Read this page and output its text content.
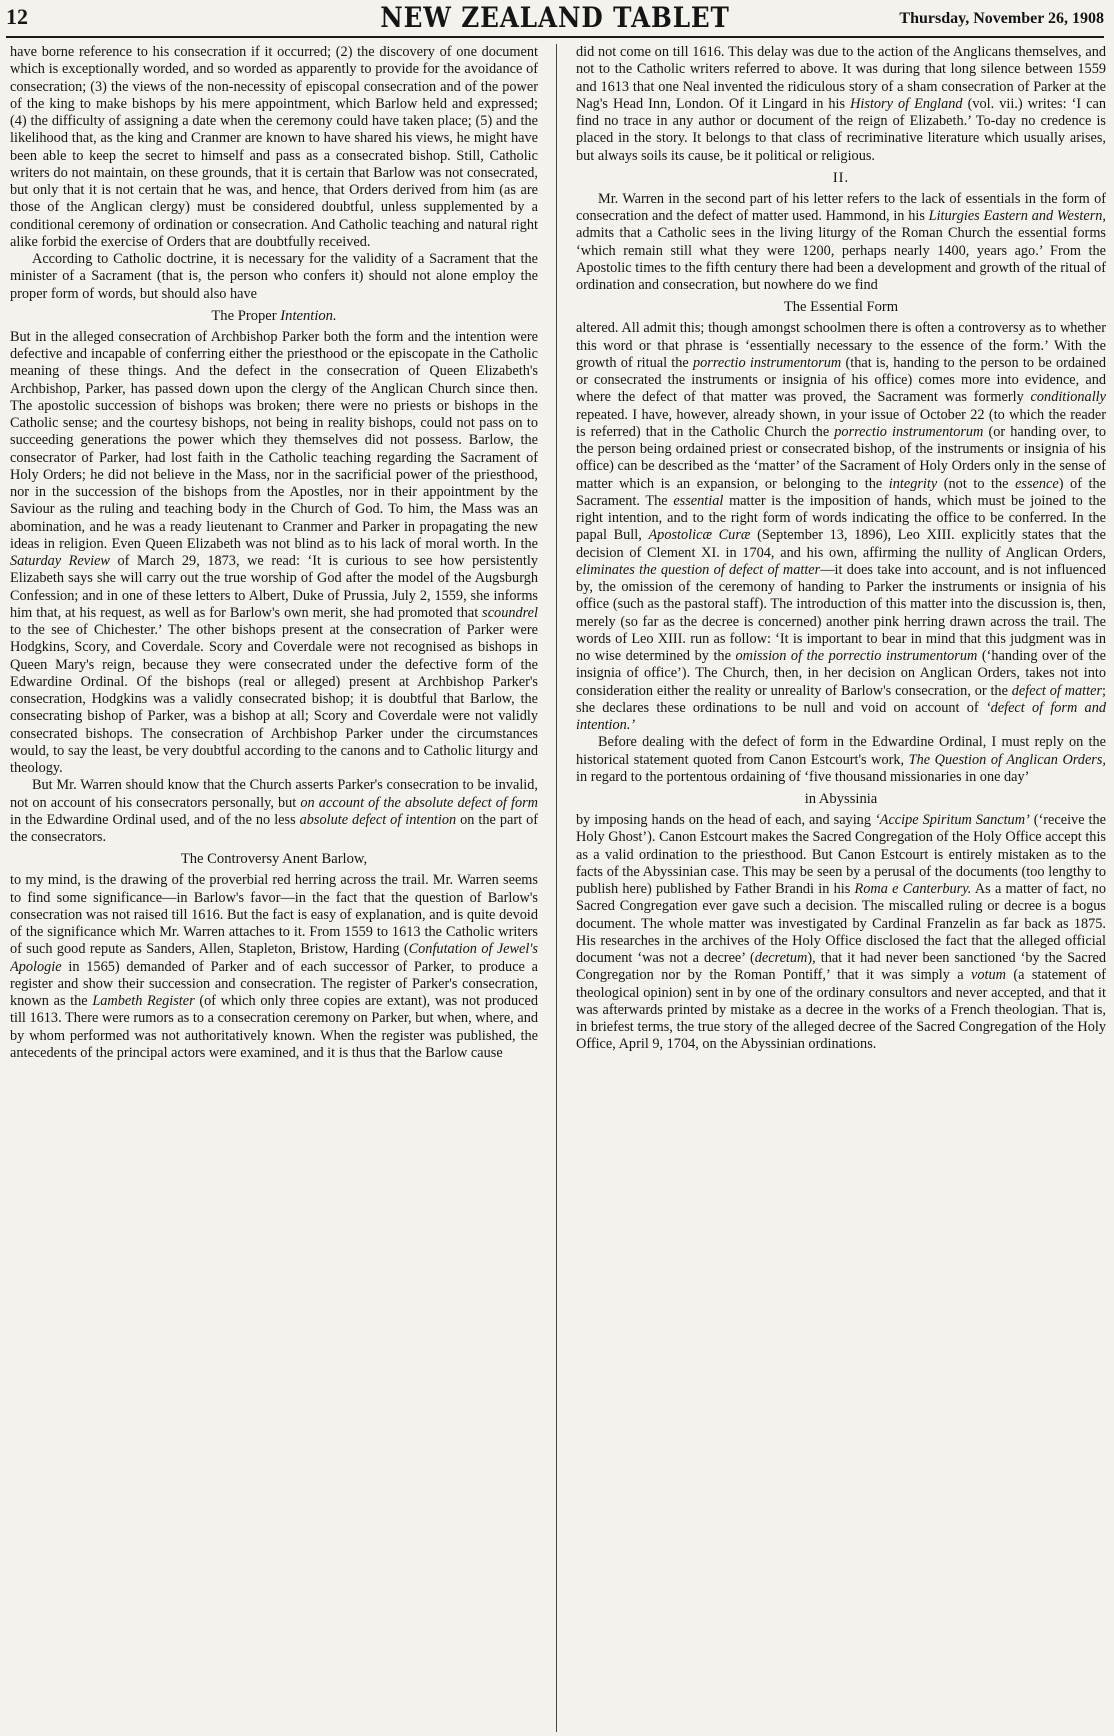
12	NEW ZEALAND TABLET	Thursday, November 26, 1908

have borne reference to his consecration if it occurred; (2) the discovery of one document which is exceptionally worded, and so worded as apparently to provide for the avoidance of consecration; (3) the views of the non-necessity of episcopal consecration and of the power of the king to make bishops by his mere appointment, which Barlow held and expressed; (4) the difficulty of assigning a date when the ceremony could have taken place; (5) and the likelihood that, as the king and Cranmer are known to have shared his views, he might have been able to keep the secret to himself and pass as a consecrated bishop. Still, Catholic writers do not maintain, on these grounds, that it is certain that Barlow was not consecrated, but only that it is not certain that he was, and hence, that Orders derived from him (as are those of the Anglican clergy) must be considered doubtful, unless supplemented by a conditional ceremony of ordination or consecration. And Catholic teaching and natural right alike forbid the exercise of Orders that are doubtfully received.

According to Catholic doctrine, it is necessary for the validity of a Sacrament that the minister of a Sacrament (that is, the person who confers it) should not alone employ the proper form of words, but should also have

The Proper Intention.

But in the alleged consecration of Archbishop Parker both the form and the intention were defective and incapable of conferring either the priesthood or the episcopate in the Catholic meaning of these things. And the defect in the consecration of Queen Elizabeth's Archbishop, Parker, has passed down upon the clergy of the Anglican Church since then. The apostolic succession of bishops was broken; there were no priests or bishops in the Catholic sense; and the courtesy bishops, not being in reality bishops, could not pass on to succeeding generations the power which they themselves did not possess. Barlow, the consecrator of Parker, had lost faith in the Catholic teaching regarding the Sacrament of Holy Orders; he did not believe in the Mass, nor in the sacrificial power of the priesthood, nor in the succession of the bishops from the Apostles, nor in their appointment by the Saviour as the ruling and teaching body in the Church of God. To him, the Mass was an abomination, and he was a ready lieutenant to Cranmer and Parker in propagating the new ideas in religion. Even Queen Elizabeth was not blind as to his lack of moral worth. In the Saturday Review of March 29, 1873, we read: ‘It is curious to see how persistently Elizabeth says she will carry out the true worship of God after the model of the Augsburgh Confession; and in one of these letters to Albert, Duke of Prussia, July 2, 1559, she informs him that, at his request, as well as for Barlow's own merit, she had promoted that scoundrel to the see of Chichester.’ The other bishops present at the consecration of Parker were Hodgkins, Scory, and Coverdale. Scory and Coverdale were not recognised as bishops in Queen Mary's reign, because they were consecrated under the defective form of the Edwardine Ordinal. Of the bishops (real or alleged) present at Archbishop Parker's consecration, Hodgkins was a validly consecrated bishop; it is doubtful that Barlow, the consecrating bishop of Parker, was a bishop at all; Scory and Coverdale were not validly consecrated bishops. The consecration of Archbishop Parker under the circumstances would, to say the least, be very doubtful according to the canons and to Catholic liturgy and theology.

But Mr. Warren should know that the Church asserts Parker's consecration to be invalid, not on account of his consecrators personally, but on account of the absolute defect of form in the Edwardine Ordinal used, and of the no less absolute defect of intention on the part of the consecrators.

The Controversy Anent Barlow,

to my mind, is the drawing of the proverbial red herring across the trail. Mr. Warren seems to find some significance—in Barlow's favor—in the fact that the question of Barlow's consecration was not raised till 1616. But the fact is easy of explanation, and is quite devoid of the significance which Mr. Warren attaches to it. From 1559 to 1613 the Catholic writers of such good repute as Sanders, Allen, Stapleton, Bristow, Harding (Confutation of Jewel's Apologie in 1565) demanded of Parker and of each successor of Parker, to produce a register and show their succession and consecration. The register of Parker's consecration, known as the Lambeth Register (of which only three copies are extant), was not produced till 1613. There were rumors as to a consecration ceremony on Parker, but when, where, and by whom performed was not authoritatively known. When the register was published, the antecedents of the principal actors were examined, and it is thus that the Barlow cause

did not come on till 1616. This delay was due to the action of the Anglicans themselves, and not to the Catholic writers referred to above. It was during that long silence between 1559 and 1613 that one Neal invented the ridiculous story of a sham consecration of Parker at the Nag's Head Inn, London. Of it Lingard in his History of England (vol. vii.) writes: ‘I can find no trace in any author or document of the reign of Elizabeth.’ To-day no credence is placed in the story. It belongs to that class of recriminative literature which usually arises, but always soils its cause, be it political or religious.

II.

Mr. Warren in the second part of his letter refers to the lack of essentials in the form of consecration and the defect of matter used. Hammond, in his Liturgies Eastern and Western, admits that a Catholic sees in the living liturgy of the Roman Church the essential forms ‘which remain still what they were 1200, perhaps nearly 1400, years ago.’ From the Apostolic times to the fifth century there had been a development and growth of the ritual of ordination and consecration, but nowhere do we find

The Essential Form

altered. All admit this; though amongst schoolmen there is often a controversy as to whether this word or that phrase is ‘essentially necessary to the essence of the form.’ With the growth of ritual the porrectio instrumentorum (that is, handing to the person to be ordained or consecrated the instruments or insignia of his office) comes more into evidence, and where the defect of that matter was proved, the Sacrament was formerly conditionally repeated. I have, however, already shown, in your issue of October 22 (to which the reader is referred) that in the Catholic Church the porrectio instrumentorum (or handing over, to the person being ordained priest or consecrated bishop, of the instruments or insignia of his office) can be described as the ‘matter’ of the Sacrament of Holy Orders only in the sense of matter which is an expansion, or belonging to the integrity (not to the essence) of the Sacrament. The essential matter is the imposition of hands, which must be joined to the right intention, and to the right form of words indicating the office to be conferred. In the papal Bull, Apostolicæ Curæ (September 13, 1896), Leo XIII. explicitly states that the decision of Clement XI. in 1704, and his own, affirming the nullity of Anglican Orders, eliminates the question of defect of matter—it does take into account, and is not influenced by, the omission of the ceremony of handing to Parker the instruments or insignia of his office (such as the pastoral staff). The introduction of this matter into the discussion is, then, merely (so far as the decree is concerned) another pink herring drawn across the trail. The words of Leo XIII. run as follow: ‘It is important to bear in mind that this judgment was in no wise determined by the omission of the porrectio instrumentorum (‘handing over of the insignia of office’). The Church, then, in her decision on Anglican Orders, takes not into consideration either the reality or unreality of Barlow's consecration, or the defect of matter; she declares these ordinations to be null and void on account of ‘defect of form and intention.’

Before dealing with the defect of form in the Edwardine Ordinal, I must reply on the historical statement quoted from Canon Estcourt's work, The Question of Anglican Orders, in regard to the portentous ordaining of ‘five thousand missionaries in one day’

in Abyssinia

by imposing hands on the head of each, and saying ‘Accipe Spiritum Sanctum’ (‘receive the Holy Ghost’). Canon Estcourt makes the Sacred Congregation of the Holy Office accept this as a valid ordination to the priesthood. But Canon Estcourt is entirely mistaken as to the facts of the Abyssinian case. This may be seen by a perusal of the documents (too lengthy to publish here) published by Father Brandi in his Roma e Canterbury. As a matter of fact, no Sacred Congregation ever gave such a decision. The miscalled ruling or decree is a bogus document. The whole matter was investigated by Cardinal Franzelin as far back as 1875. His researches in the archives of the Holy Office disclosed the fact that the alleged official document ‘was not a decree’ (decretum), that it had never been sanctioned ‘by the Sacred Congregation nor by the Roman Pontiff,’ that it was simply a votum (a statement of theological opinion) sent in by one of the ordinary consultors and never accepted, and that it was afterwards printed by mistake as a decree in the works of a French theologian. That is, in briefest terms, the true story of the alleged decree of the Sacred Congregation of the Holy Office, April 9, 1704, on the Abyssinian ordinations.
